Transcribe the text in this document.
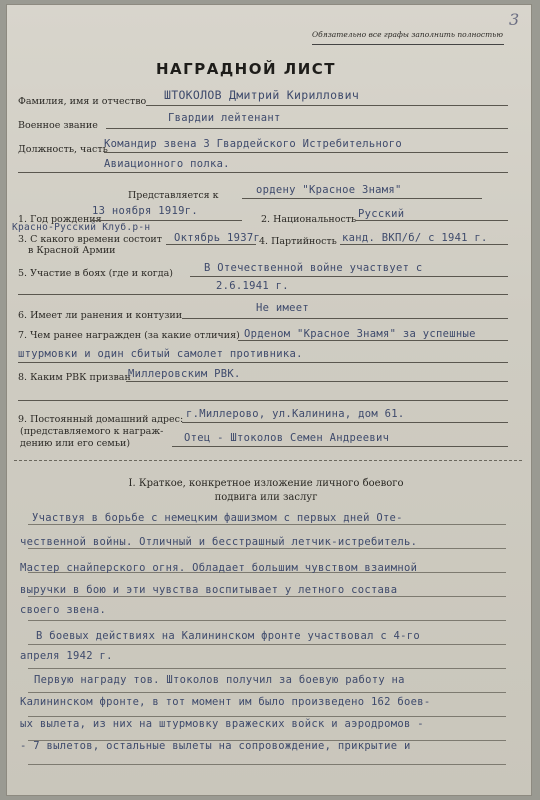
Обязательно все графы заполнить полностью
3
НАГРАДНОЙ ЛИСТ
Фамилия, имя и отчество ШТОКОЛОВ Дмитрий Кириллович
Военное звание
Гвардии лейтенант
Должность, часть
Командир звена 3 Гвардейского Истребительного
Авиационного полка.
Представляется к	ордену "Красное Знамя"
1. Год рождения
13 ноября 1919г.
2. Национальность Русский
Красно-Русский Клуб.р-н
3. С какого времени состоит
в Красной Армии
Октябрь 1937г
4. Партийность канд. ВКП/б/ с 1941 г.
5. Участие в боях (где и когда)	В Отечественной войне участвует с
2.6.1941 г.
6. Имеет ли ранения и контузии
Не имеет
7. Чем ранее награжден (за какие отличия) Орденом "Красное Знамя" за успешные
штурмовки и один сбитый самолет противника.
8. Каким РВК призван
Миллеровским РВК.
9. Постоянный домашний адрес: г.Миллерово, ул.Калинина, дом 61.
(представляемого к награж-
дению или его семьи)	Отец - Штоколов Семен Андреевич
I. Краткое, конкретное изложение личного боевого
подвига или заслуг
Участвуя в борьбе с немецким фашизмом с первых дней Оте-
чественной войны. Отличный и бесстрашный летчик-истребитель.
Мастер снайперского огня. Обладает большим чувством взаимной
выручки в бою и эти чувства воспитывает у летного состава
своего звена.
В боевых действиях на Калининском фронте участвовал с 4-го
апреля 1942 г.
Первую награду тов. Штоколов получил за боевую работу на
Калининском фронте, в тот момент им было произведено 162 боев-
ых вылета, из них на штурмовку вражеских войск и аэродромов -
- 7 вылетов, остальные вылеты на сопровождение, прикрытие и
